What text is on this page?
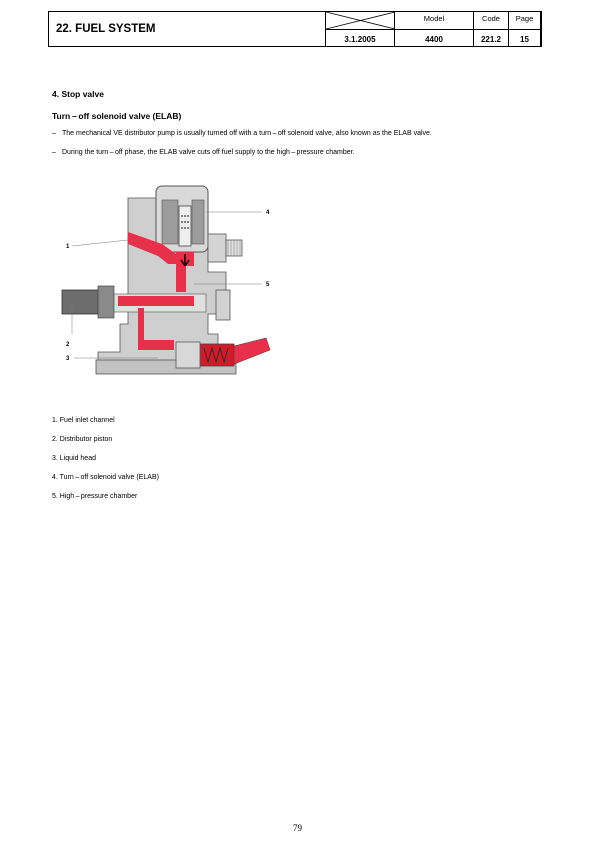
22. FUEL SYSTEM
3.1.2005
Model
4400
Code
221.2
Page
15
4. Stop valve
Turn – off solenoid valve (ELAB)
– The mechanical VE distributor pump is usually turned off with a turn – off solenoid valve, also known as the ELAB valve.
– During the turn – off phase, the ELAB valve cuts off fuel supply to the high – pressure chamber.
1
2
3
4
5
1. Fuel inlet channel
2. Distributor piston
3. Liquid head
4. Turn – off solenoid valve (ELAB)
5. High – pressure chamber
79
